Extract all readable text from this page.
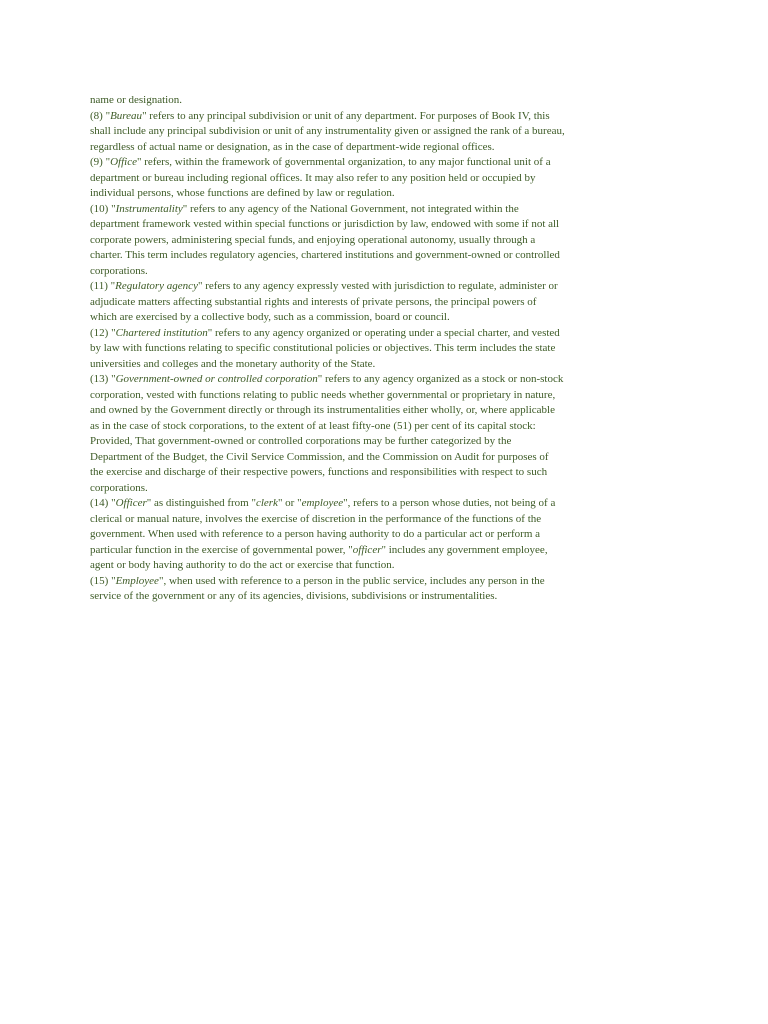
name or designation.
(8) "Bureau" refers to any principal subdivision or unit of any department. For purposes of Book IV, this
shall include any principal subdivision or unit of any instrumentality given or assigned the rank of a bureau,
regardless of actual name or designation, as in the case of department-wide regional offices.
(9) "Office" refers, within the framework of governmental organization, to any major functional unit of a
department or bureau including regional offices. It may also refer to any position held or occupied by
individual persons, whose functions are defined by law or regulation.
(10) "Instrumentality" refers to any agency of the National Government, not integrated within the
department framework vested within special functions or jurisdiction by law, endowed with some if not all
corporate powers, administering special funds, and enjoying operational autonomy, usually through a
charter. This term includes regulatory agencies, chartered institutions and government-owned or controlled
corporations.
(11) "Regulatory agency" refers to any agency expressly vested with jurisdiction to regulate, administer or
adjudicate matters affecting substantial rights and interests of private persons, the principal powers of
which are exercised by a collective body, such as a commission, board or council.
(12) "Chartered institution" refers to any agency organized or operating under a special charter, and vested
by law with functions relating to specific constitutional policies or objectives. This term includes the state
universities and colleges and the monetary authority of the State.
(13) "Government-owned or controlled corporation" refers to any agency organized as a stock or non-stock
corporation, vested with functions relating to public needs whether governmental or proprietary in nature,
and owned by the Government directly or through its instrumentalities either wholly, or, where applicable
as in the case of stock corporations, to the extent of at least fifty-one (51) per cent of its capital stock:
Provided, That government-owned or controlled corporations may be further categorized by the
Department of the Budget, the Civil Service Commission, and the Commission on Audit for purposes of
the exercise and discharge of their respective powers, functions and responsibilities with respect to such
corporations.
(14) "Officer" as distinguished from "clerk" or "employee", refers to a person whose duties, not being of a
clerical or manual nature, involves the exercise of discretion in the performance of the functions of the
government. When used with reference to a person having authority to do a particular act or perform a
particular function in the exercise of governmental power, "officer" includes any government employee,
agent or body having authority to do the act or exercise that function.
(15) "Employee", when used with reference to a person in the public service, includes any person in the
service of the government or any of its agencies, divisions, subdivisions or instrumentalities.
